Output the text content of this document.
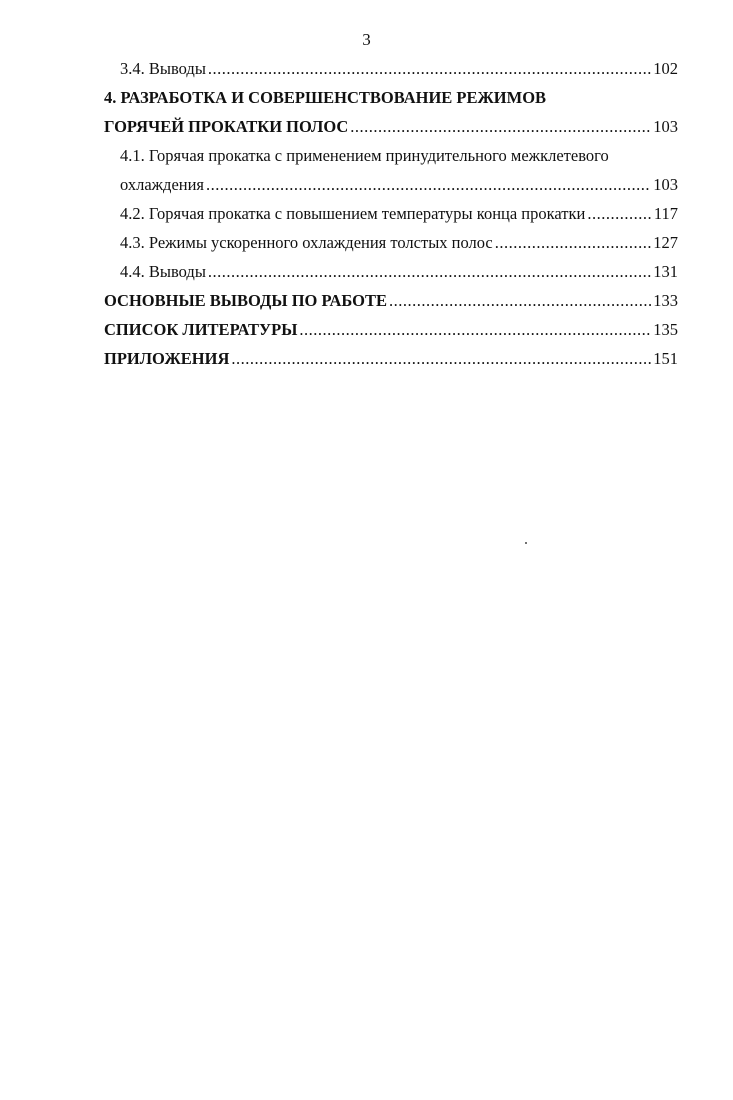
3
3.4. Выводы .....	102
4. РАЗРАБОТКА И СОВЕРШЕНСТВОВАНИЕ РЕЖИМОВ
ГОРЯЧЕЙ ПРОКАТКИ ПОЛОС .....	103
4.1. Горячая прокатка с применением принудительного межклетевого
охлаждения .....	103
4.2. Горячая прокатка с повышением температуры конца прокатки .....	117
4.3. Режимы ускоренного охлаждения толстых полос .....	127
4.4. Выводы .....	131
ОСНОВНЫЕ ВЫВОДЫ ПО РАБОТЕ .....	133
СПИСОК ЛИТЕРАТУРЫ .....	135
ПРИЛОЖЕНИЯ .....	151
